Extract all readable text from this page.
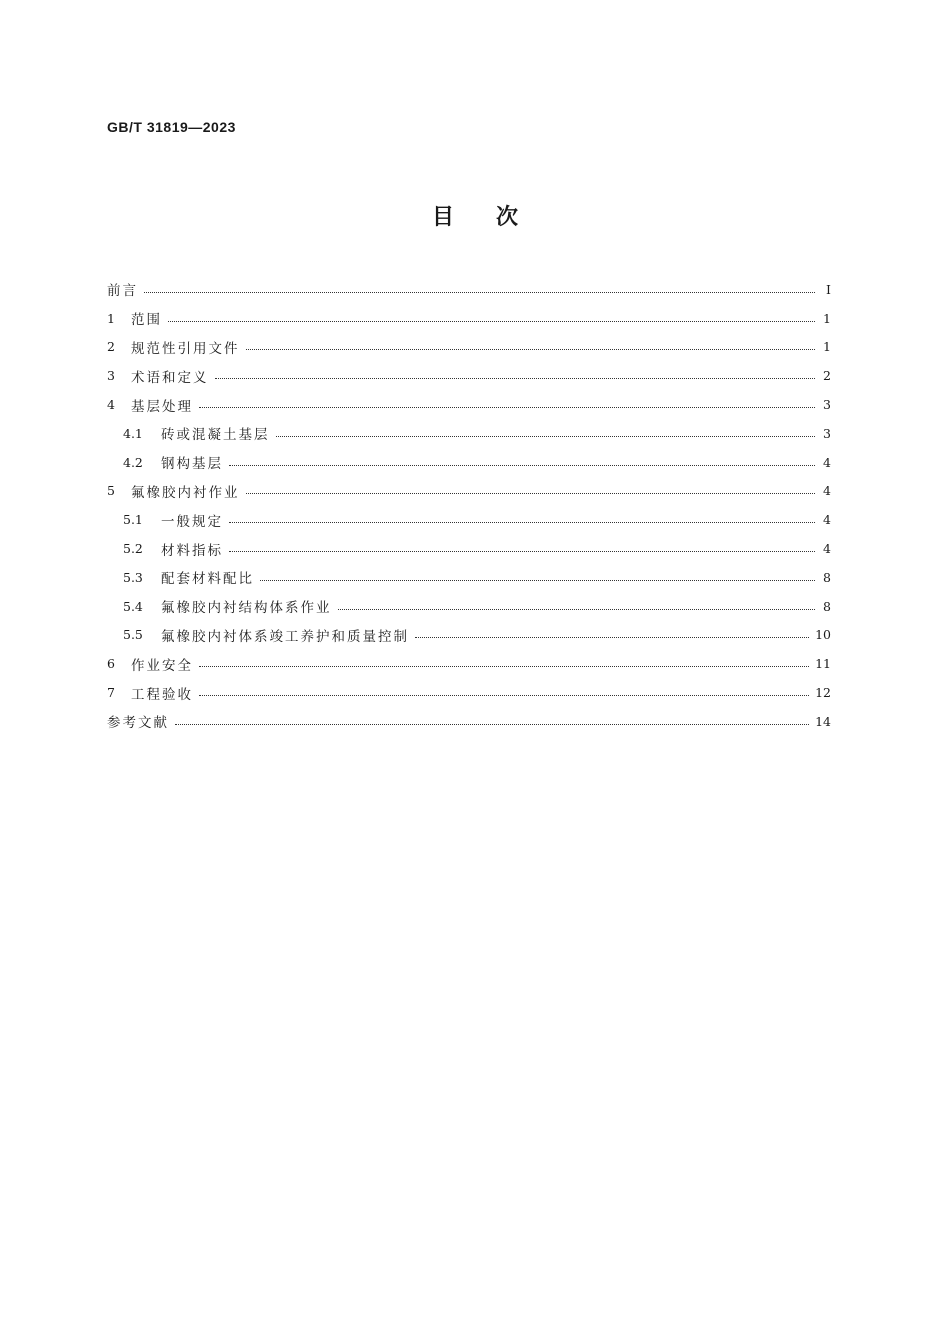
GB/T 31819—2023
目 次
前言	Ⅰ
1	范围	1
2	规范性引用文件	1
3	术语和定义	2
4	基层处理	3
4.1	砖或混凝土基层	3
4.2	钢构基层	4
5	氟橡胶内衬作业	4
5.1	一般规定	4
5.2	材料指标	4
5.3	配套材料配比	8
5.4	氟橡胶内衬结构体系作业	8
5.5	氟橡胶内衬体系竣工养护和质量控制	10
6	作业安全	11
7	工程验收	12
参考文献	14
